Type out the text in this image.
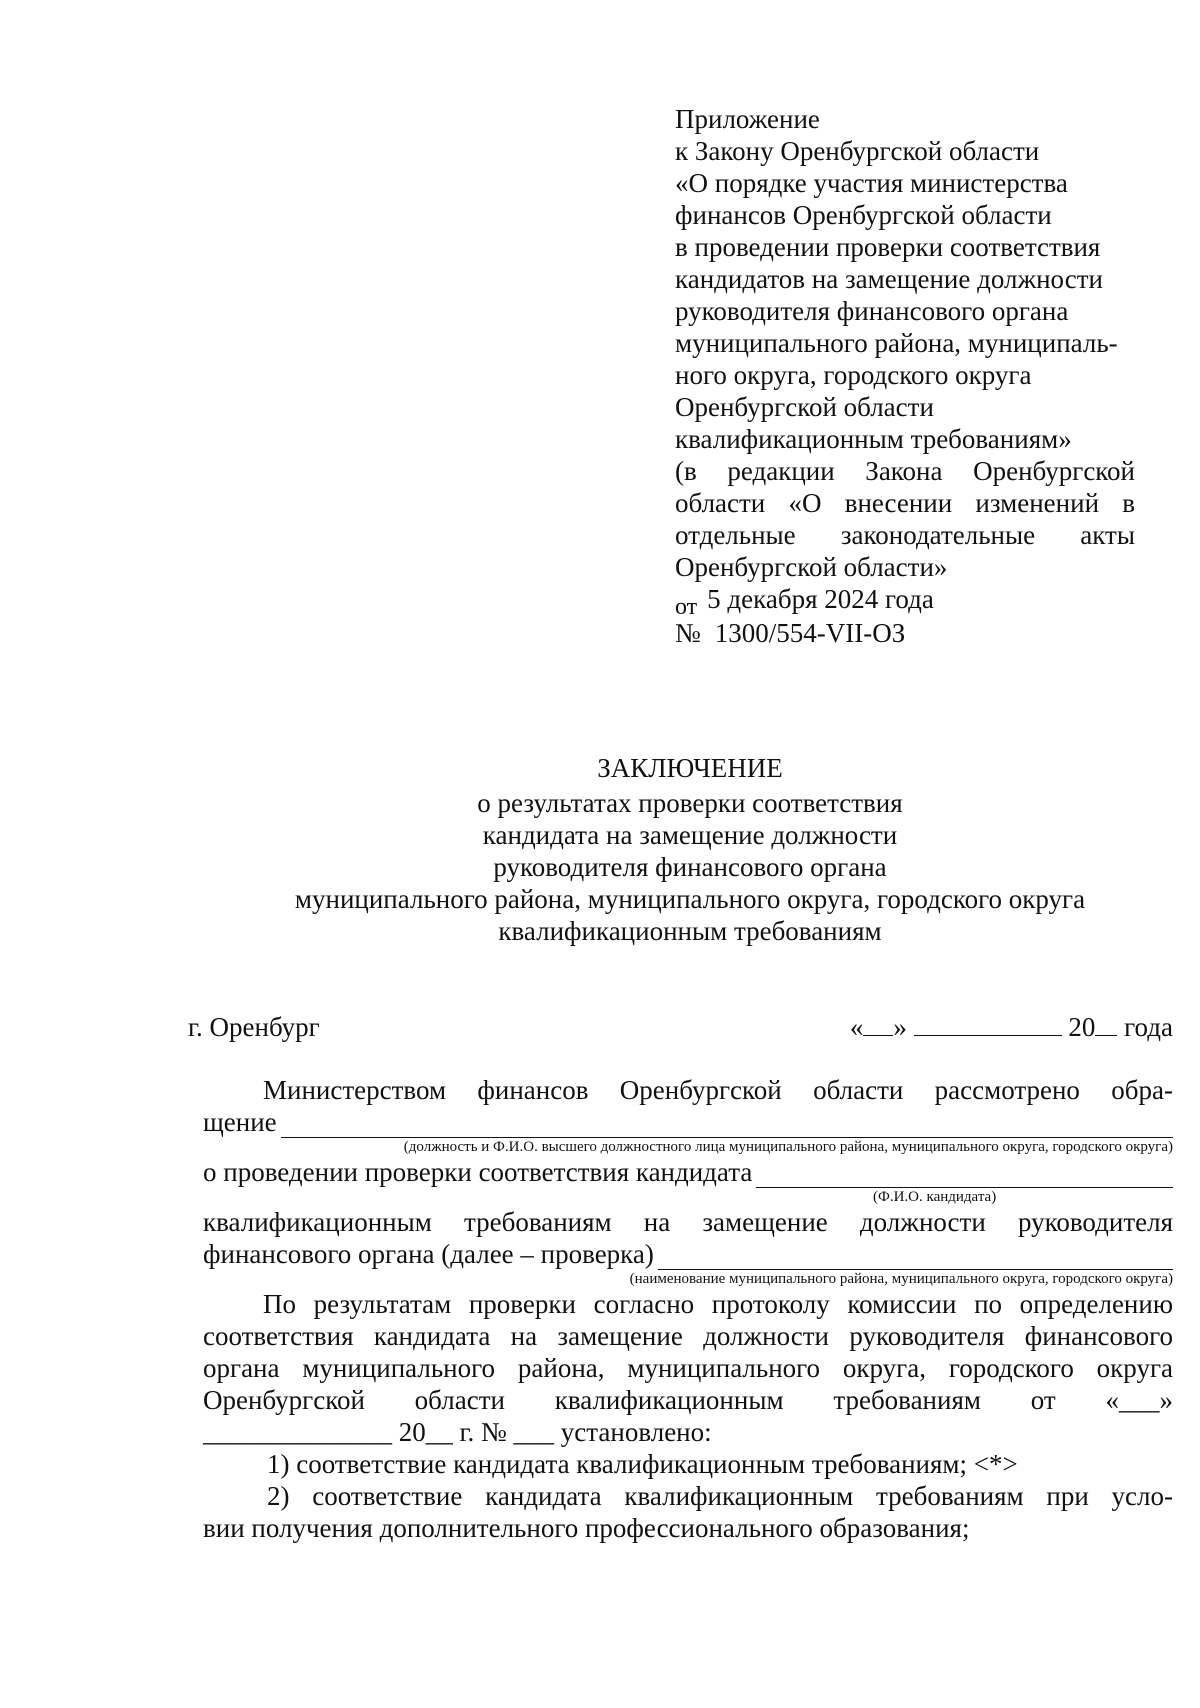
Приложение
к Закону Оренбургской области
«О порядке участия министерства
финансов Оренбургской области
в проведении проверки соответствия
кандидатов на замещение должности
руководителя финансового органа
муниципального района, муниципаль-
ного округа, городского округа
Оренбургской области
квалификационным требованиям»
(в редакции Закона Оренбургской
области «О внесении изменений в
отдельные законодательные акты
Оренбургской области»
от 5 декабря 2024 года
№ 1300/554-VII-ОЗ
ЗАКЛЮЧЕНИЕ
о результатах проверки соответствия
кандидата на замещение должности
руководителя финансового органа
муниципального района, муниципального округа, городского округа
квалификационным требованиям
г. Оренбург	« »	20 года
Министерством финансов Оренбургской области рассмотрено обра-
щение
(должность и Ф.И.О. высшего должностного лица муниципального района, муниципального округа, городского округа)
о проведении проверки соответствия кандидата
(Ф.И.О. кандидата)
квалификационным требованиям на замещение должности руководителя
финансового органа (далее – проверка)
(наименование муниципального района, муниципального округа, городского округа)
По результатам проверки согласно протоколу комиссии по определению
соответствия кандидата на замещение должности руководителя финансового
органа муниципального района, муниципального округа, городского округа
Оренбургской области квалификационным требованиям от «___»
______________ 20__ г. № ___ установлено:
1) соответствие кандидата квалификационным требованиям; <*>
2) соответствие кандидата квалификационным требованиям при усло-
вии получения дополнительного профессионального образования;
